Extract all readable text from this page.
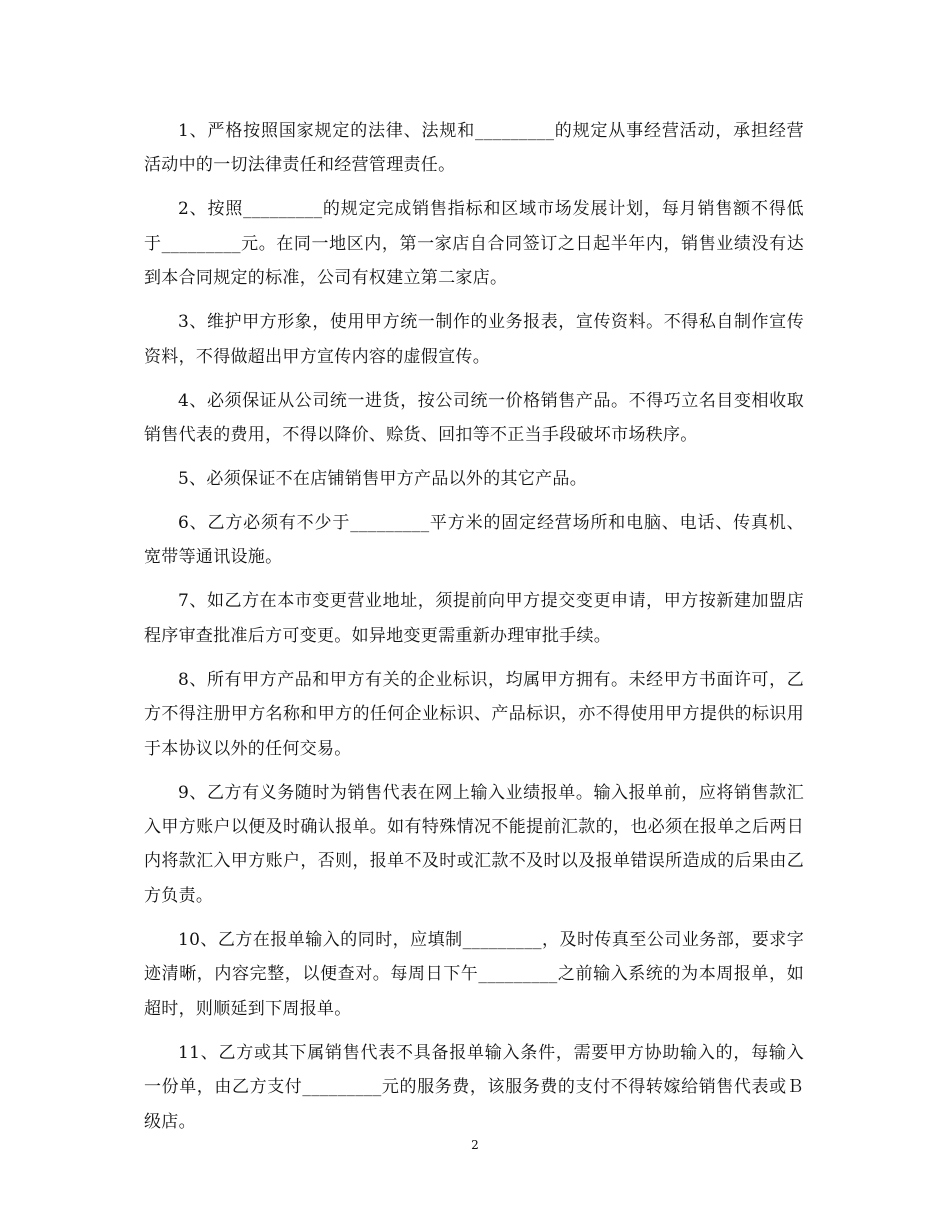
1、严格按照国家规定的法律、法规和_________的规定从事经营活动，承担经营活动中的一切法律责任和经营管理责任。

2、按照_________的规定完成销售指标和区域市场发展计划，每月销售额不得低于_________元。在同一地区内，第一家店自合同签订之日起半年内，销售业绩没有达到本合同规定的标准，公司有权建立第二家店。

3、维护甲方形象，使用甲方统一制作的业务报表，宣传资料。不得私自制作宣传资料，不得做超出甲方宣传内容的虚假宣传。

4、必须保证从公司统一进货，按公司统一价格销售产品。不得巧立名目变相收取销售代表的费用，不得以降价、赊货、回扣等不正当手段破坏市场秩序。

5、必须保证不在店铺销售甲方产品以外的其它产品。

6、乙方必须有不少于_________平方米的固定经营场所和电脑、电话、传真机、宽带等通讯设施。

7、如乙方在本市变更营业地址，须提前向甲方提交变更申请，甲方按新建加盟店程序审查批准后方可变更。如异地变更需重新办理审批手续。

8、所有甲方产品和甲方有关的企业标识，均属甲方拥有。未经甲方书面许可，乙方不得注册甲方名称和甲方的任何企业标识、产品标识，亦不得使用甲方提供的标识用于本协议以外的任何交易。

9、乙方有义务随时为销售代表在网上输入业绩报单。输入报单前，应将销售款汇入甲方账户以便及时确认报单。如有特殊情况不能提前汇款的，也必须在报单之后两日内将款汇入甲方账户，否则，报单不及时或汇款不及时以及报单错误所造成的后果由乙方负责。

10、乙方在报单输入的同时，应填制_________，及时传真至公司业务部，要求字迹清晰，内容完整，以便查对。每周日下午_________之前输入系统的为本周报单，如超时，则顺延到下周报单。

11、乙方或其下属销售代表不具备报单输入条件，需要甲方协助输入的，每输入一份单，由乙方支付_________元的服务费，该服务费的支付不得转嫁给销售代表或Ｂ级店。

2
